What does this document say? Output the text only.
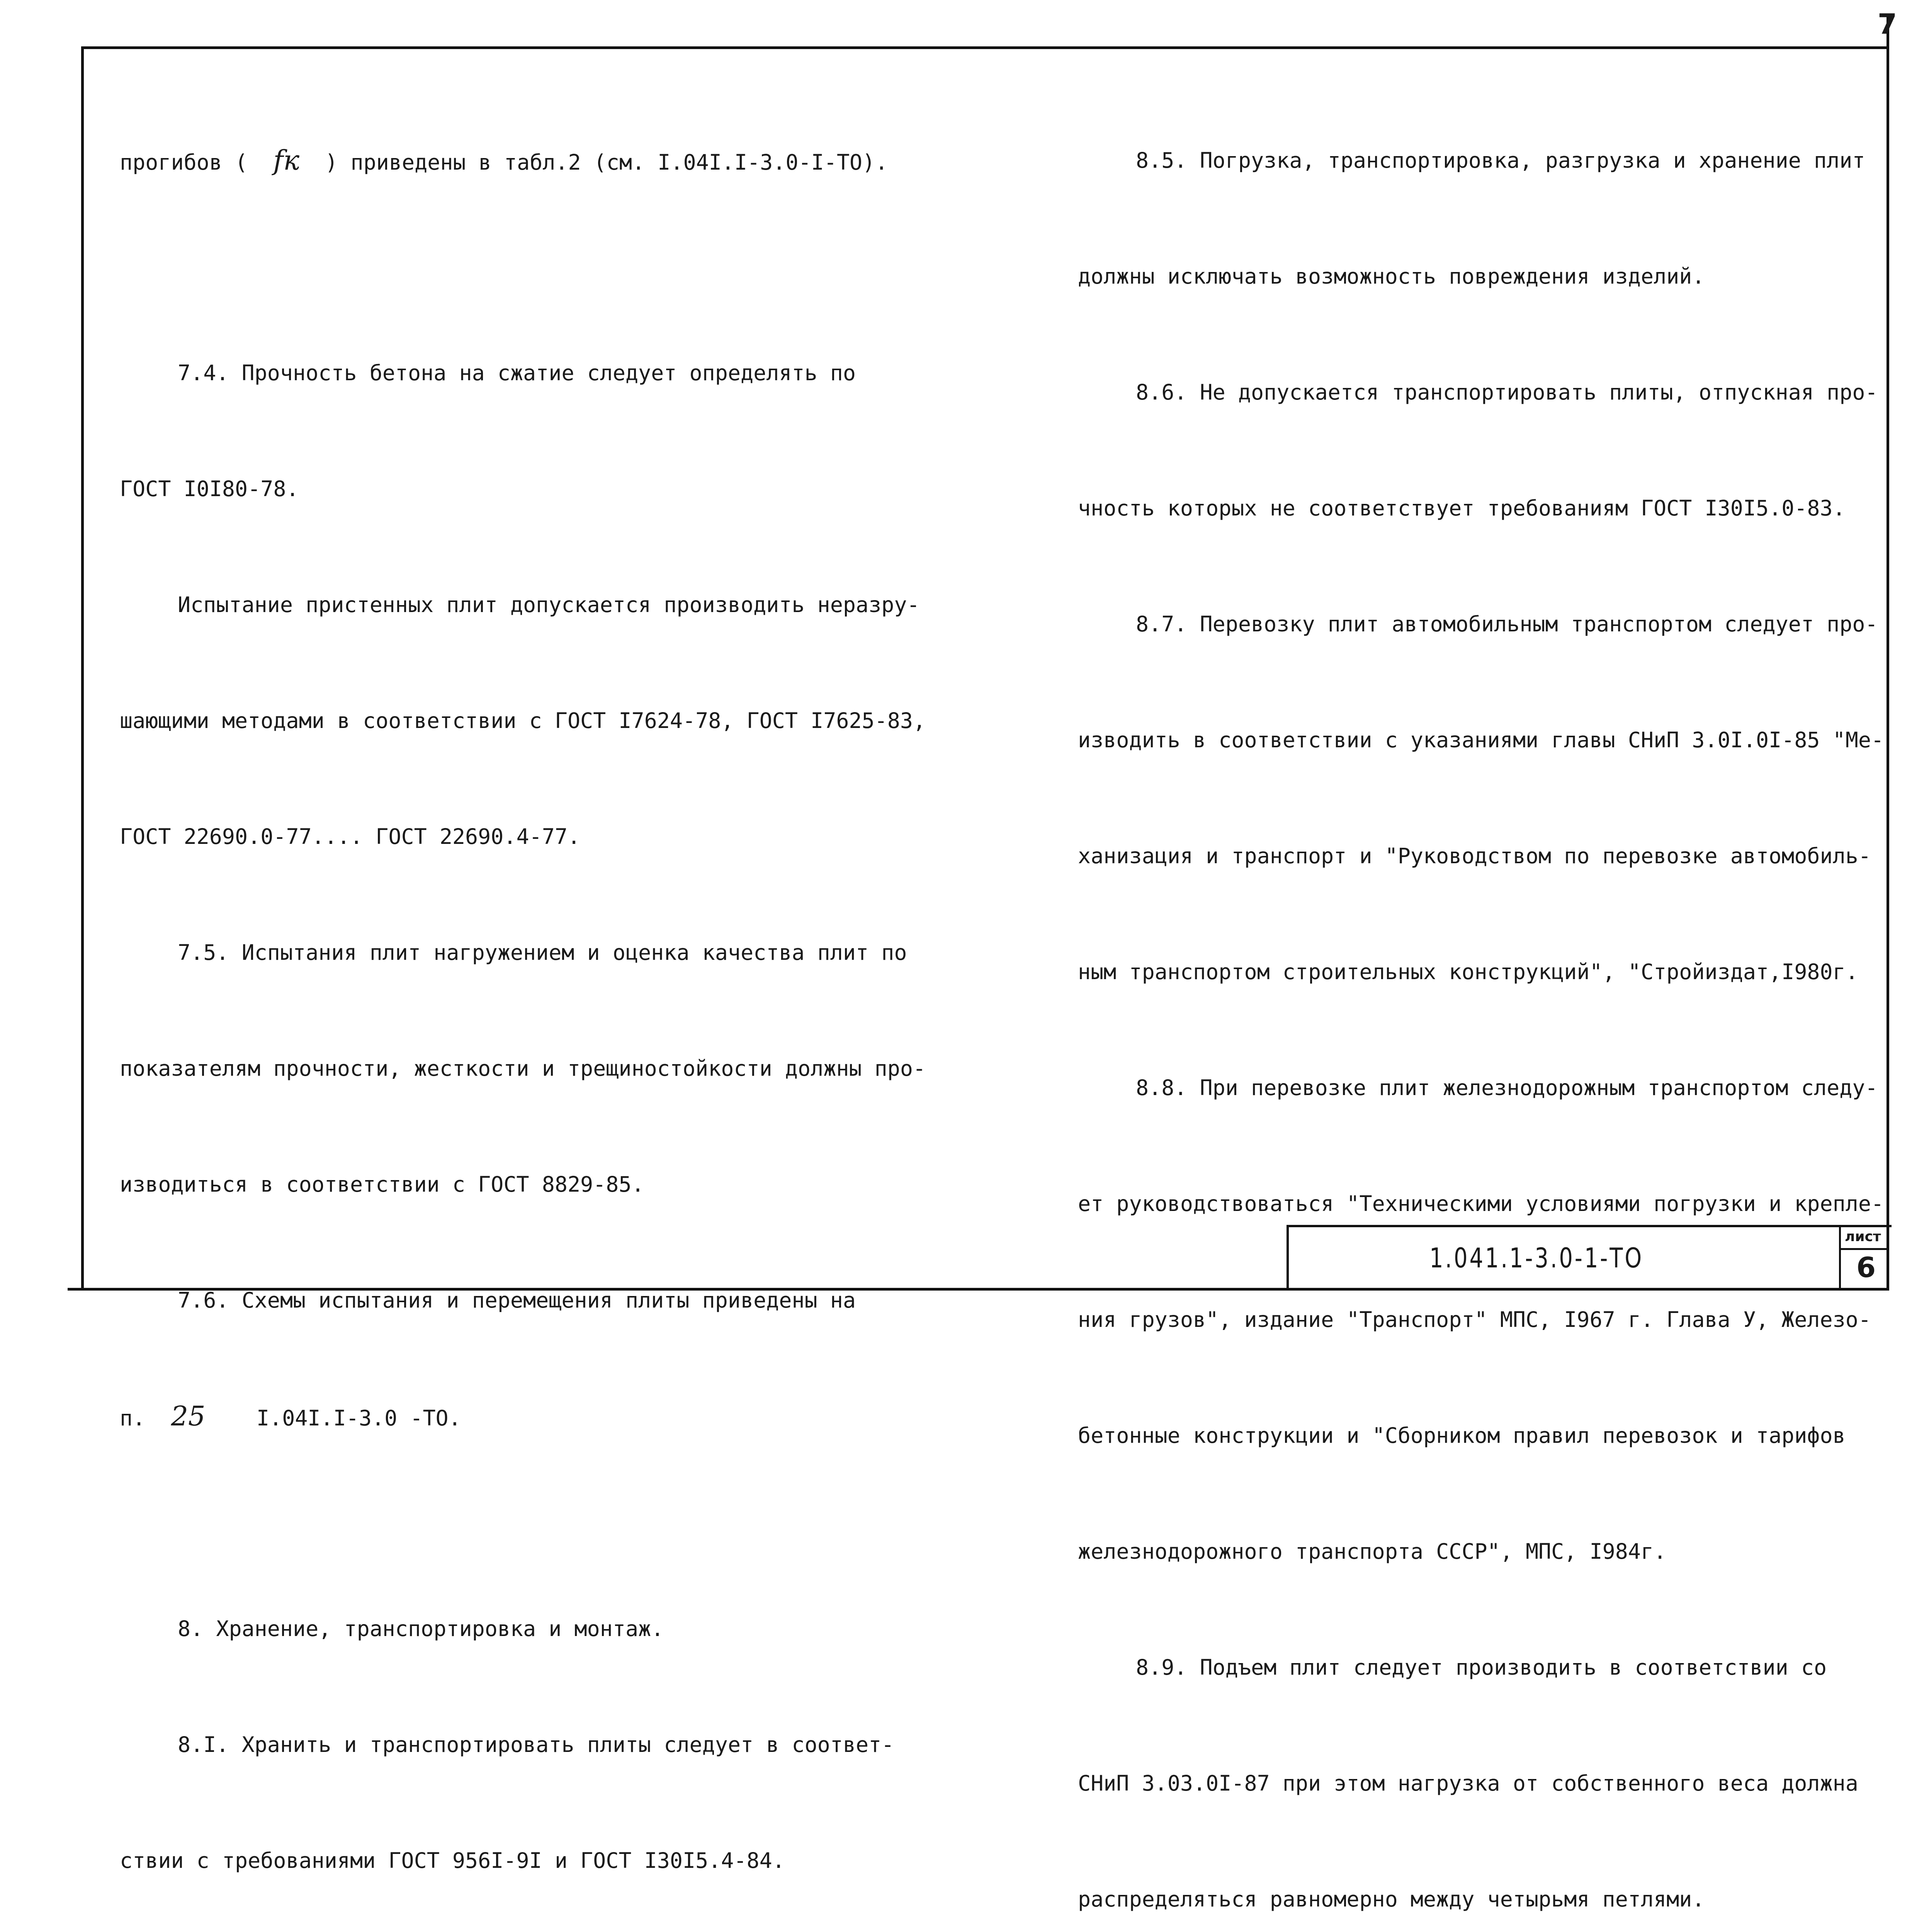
7

прогибов (  fк  ) приведены в табл.2 (см. I.04I.I-3.0-I-ТО).

7.4. Прочность бетона на сжатие следует определять по

ГОСТ I0I80-78.

Испытание пристенных плит допускается производить неразру-

шающими методами в соответствии с ГОСТ I7624-78, ГОСТ I7625-83,

ГОСТ 22690.0-77.... ГОСТ 22690.4-77.

7.5. Испытания плит нагружением и оценка качества плит по

показателям прочности, жесткости и трещиностойкости должны про-

изводиться в соответствии с ГОСТ 8829-85.

7.6. Схемы испытания и перемещения плиты приведены на

п.  25    I.04I.I-3.0 -ТО.

8. Хранение, транспортировка и монтаж.

8.I. Хранить и транспортировать плиты следует в соответ-

ствии с требованиями ГОСТ 956I-9I и ГОСТ I30I5.4-84.

8.5. Погрузка, транспортировка, разгрузка и хранение плит

должны исключать возможность повреждения изделий.

8.6. Не допускается транспортировать плиты, отпускная про-

чность которых не соответствует требованиям ГОСТ I30I5.0-83.

8.7. Перевозку плит автомобильным транспортом следует про-

изводить в соответствии с указаниями главы СНиП 3.0I.0I-85 "Ме-

ханизация и транспорт и "Руководством по перевозке автомобиль-

ным транспортом строительных конструкций", "Стройиздат,I980г.

8.8. При перевозке плит железнодорожным транспортом следу-

ет руководствоваться "Техническими условиями погрузки и крепле-

ния грузов", издание "Транспорт" МПС, I967 г. Глава У, Железо-

бетонные конструкции и "Сборником правил перевозок и тарифов

железнодорожного транспорта СССР", МПС, I984г.

8.9. Подъем плит следует производить в соответствии со

СНиП 3.03.0I-87 при этом нагрузка от собственного веса должна

распределяться равномерно между четырьмя петлями.

1.041.1-3.0-1-ТО
лист
6
